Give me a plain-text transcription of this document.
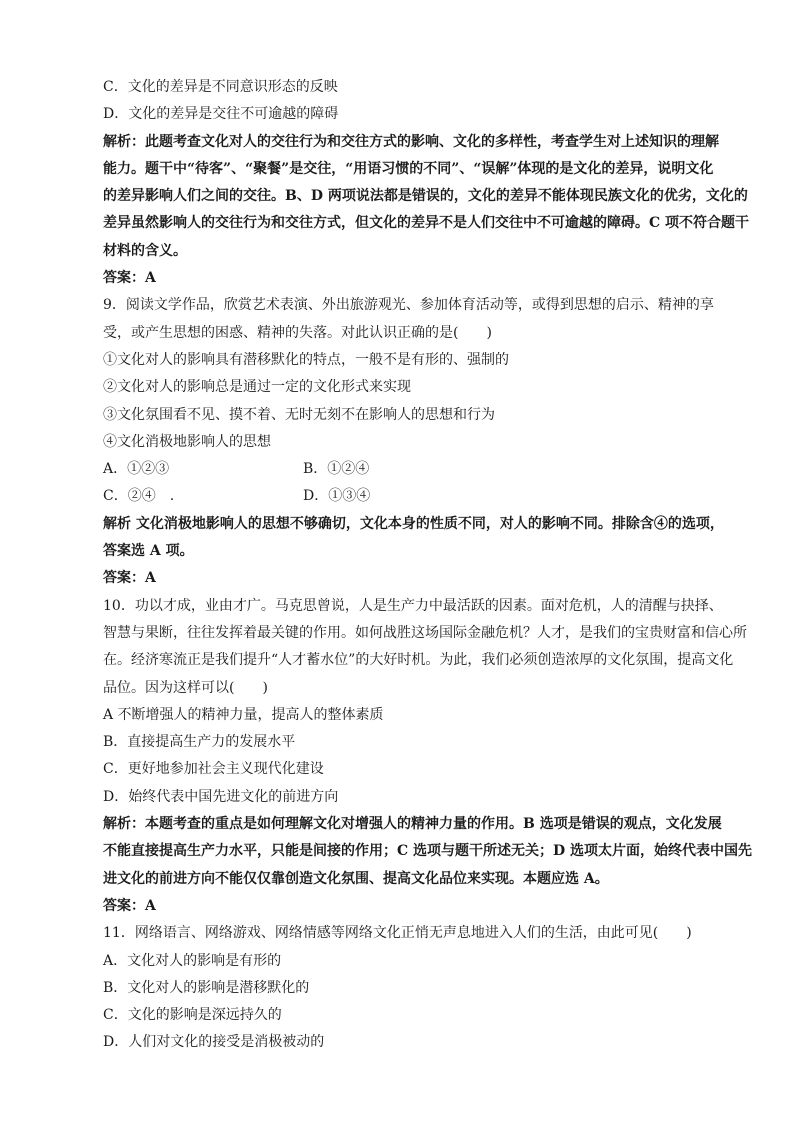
C．文化的差异是不同意识形态的反映
D．文化的差异是交往不可逾越的障碍
解析：此题考查文化对人的交往行为和交往方式的影响、文化的多样性，考查学生对上述知识的理解
能力。题干中“待客”、“聚餐”是交往，“用语习惯的不同”、“误解”体现的是文化的差异，说明文化
的差异影响人们之间的交往。B、D 两项说法都是错误的，文化的差异不能体现民族文化的优劣，文化的
差异虽然影响人的交往行为和交往方式，但文化的差异不是人们交往中不可逾越的障碍。C 项不符合题干
材料的含义。
答案：A
9．阅读文学作品，欣赏艺术表演、外出旅游观光、参加体育活动等，或得到思想的启示、精神的享
受，或产生思想的困惑、精神的失落。对此认识正确的是(　　)
①文化对人的影响具有潜移默化的特点，一般不是有形的、强制的
②文化对人的影响总是通过一定的文化形式来实现
③文化氛围看不见、摸不着、无时无刻不在影响人的思想和行为
④文化消极地影响人的思想
A．①②③	B．①②④
C．②④　.	D．①③④
解析 文化消极地影响人的思想不够确切，文化本身的性质不同，对人的影响不同。排除含④的选项，
答案选 A 项。
答案：A
10．功以才成，业由才广。马克思曾说，人是生产力中最活跃的因素。面对危机，人的清醒与抉择、
智慧与果断，往往发挥着最关键的作用。如何战胜这场国际金融危机？人才，是我们的宝贵财富和信心所
在。经济寒流正是我们提升“人才蓄水位”的大好时机。为此，我们必须创造浓厚的文化氛围，提高文化
品位。因为这样可以(　　)
A 不断增强人的精神力量，提高人的整体素质
B．直接提高生产力的发展水平
C．更好地参加社会主义现代化建设
D．始终代表中国先进文化的前进方向
解析：本题考查的重点是如何理解文化对增强人的精神力量的作用。B 选项是错误的观点，文化发展
不能直接提高生产力水平，只能是间接的作用；C 选项与题干所述无关；D 选项太片面，始终代表中国先
进文化的前进方向不能仅仅靠创造文化氛围、提高文化品位来实现。本题应选 A。
答案：A
11．网络语言、网络游戏、网络情感等网络文化正悄无声息地进入人们的生活，由此可见(　　)
A．文化对人的影响是有形的
B．文化对人的影响是潜移默化的
C．文化的影响是深远持久的
D．人们对文化的接受是消极被动的
